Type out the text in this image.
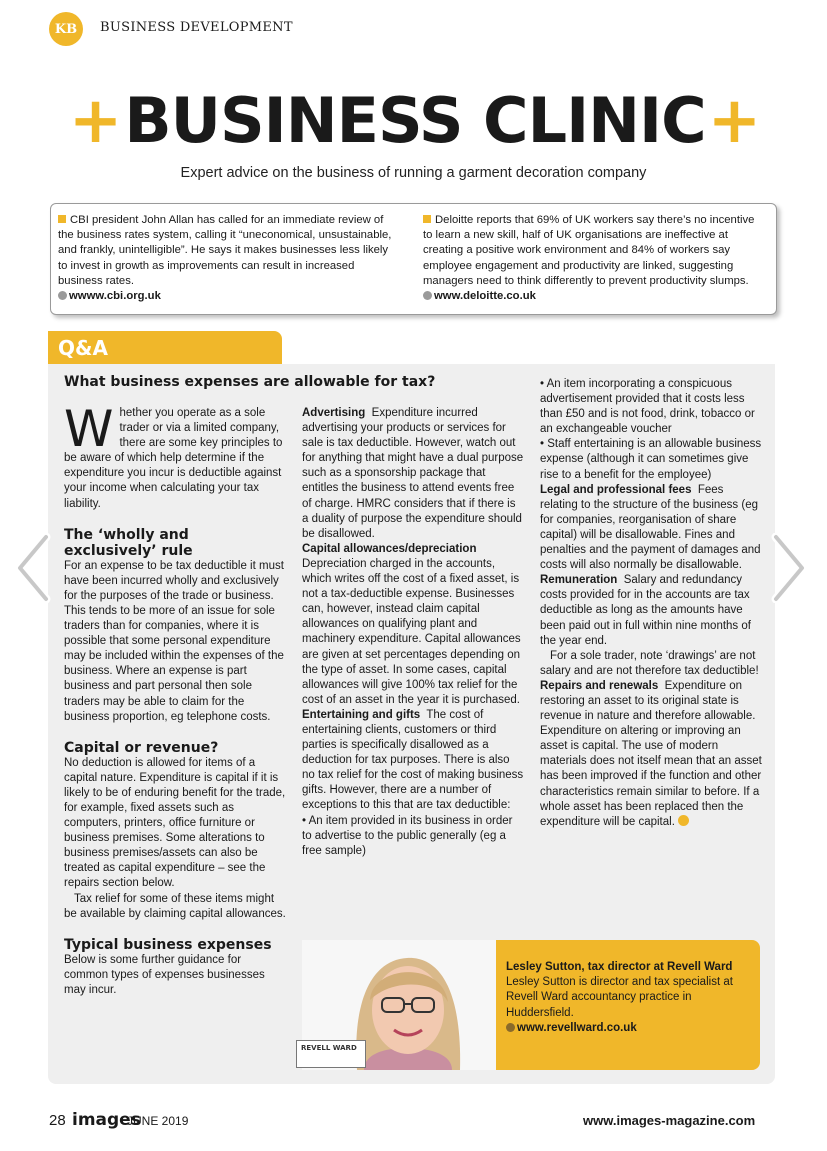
KB	BUSINESS DEVELOPMENT
+ BUSINESS CLINIC +
Expert advice on the business of running a garment decoration company
CBI president John Allan has called for an immediate review of the business rates system, calling it “uneconomical, unsustainable, and frankly, unintelligible”. He says it makes businesses less likely to invest in growth as improvements can result in increased business rates.
wwww.cbi.org.uk
Deloitte reports that 69% of UK workers say there’s no incentive to learn a new skill, half of UK organisations are ineffective at creating a positive work environment and 84% of workers say employee engagement and productivity are linked, suggesting managers need to think differently to prevent productivity slumps.
www.deloitte.co.uk
Q&A
What business expenses are allowable for tax?

Whether you operate as a sole trader or via a limited company, there are some key principles to be aware of which help determine if the expenditure you incur is deductible against your income when calculating your tax liability.

The ‘wholly and exclusively’ rule

For an expense to be tax deductible it must have been incurred wholly and exclusively for the purposes of the trade or business. This tends to be more of an issue for sole traders than for companies, where it is possible that some personal expenditure may be included within the expenses of the business. Where an expense is part business and part personal then sole traders may be able to claim for the business proportion, eg telephone costs.

Capital or revenue?

No deduction is allowed for items of a capital nature. Expenditure is capital if it is likely to be of enduring benefit for the trade, for example, fixed assets such as computers, printers, office furniture or business premises. Some alterations to business premises/assets can also be treated as capital expenditure – see the repairs section below.

Tax relief for some of these items might be available by claiming capital allowances.

Typical business expenses

Below is some further guidance for common types of expenses businesses may incur.

Advertising Expenditure incurred advertising your products or services for sale is tax deductible. However, watch out for anything that might have a dual purpose such as a sponsorship package that entitles the business to attend events free of charge. HMRC considers that if there is a duality of purpose the expenditure should be disallowed.

Capital allowances/depreciation

Depreciation charged in the accounts, which writes off the cost of a fixed asset, is not a tax-deductible expense. Businesses can, however, instead claim capital allowances on qualifying plant and machinery expenditure. Capital allowances are given at set percentages depending on the type of asset. In some cases, capital allowances will give 100% tax relief for the cost of an asset in the year it is purchased.

Entertaining and gifts The cost of entertaining clients, customers or third parties is specifically disallowed as a deduction for tax purposes. There is also no tax relief for the cost of making business gifts. However, there are a number of exceptions to this that are tax deductible:

• An item provided in its business in order to advertise to the public generally (eg a free sample)

• An item incorporating a conspicuous advertisement provided that it costs less than £50 and is not food, drink, tobacco or an exchangeable voucher

• Staff entertaining is an allowable business expense (although it can sometimes give rise to a benefit for the employee)

Legal and professional fees Fees relating to the structure of the business (eg for companies, reorganisation of share capital) will be disallowable. Fines and penalties and the payment of damages and costs will also normally be disallowable.

Remuneration Salary and redundancy costs provided for in the accounts are tax deductible as long as the amounts have been paid out in full within nine months of the year end.

For a sole trader, note ‘drawings’ are not salary and are not therefore tax deductible!

Repairs and renewals Expenditure on restoring an asset to its original state is revenue in nature and therefore allowable. Expenditure on altering or improving an asset is capital. The use of modern materials does not itself mean that an asset has been improved if the function and other characteristics remain similar to before. If a whole asset has been replaced then the expenditure will be capital.

REVELL WARD
Lesley Sutton, tax director at Revell Ward
Lesley Sutton is director and tax specialist at Revell Ward accountancy practice in Huddersfield.
www.revellward.co.uk
28 images
JUNE 2019	www.images-magazine.com
